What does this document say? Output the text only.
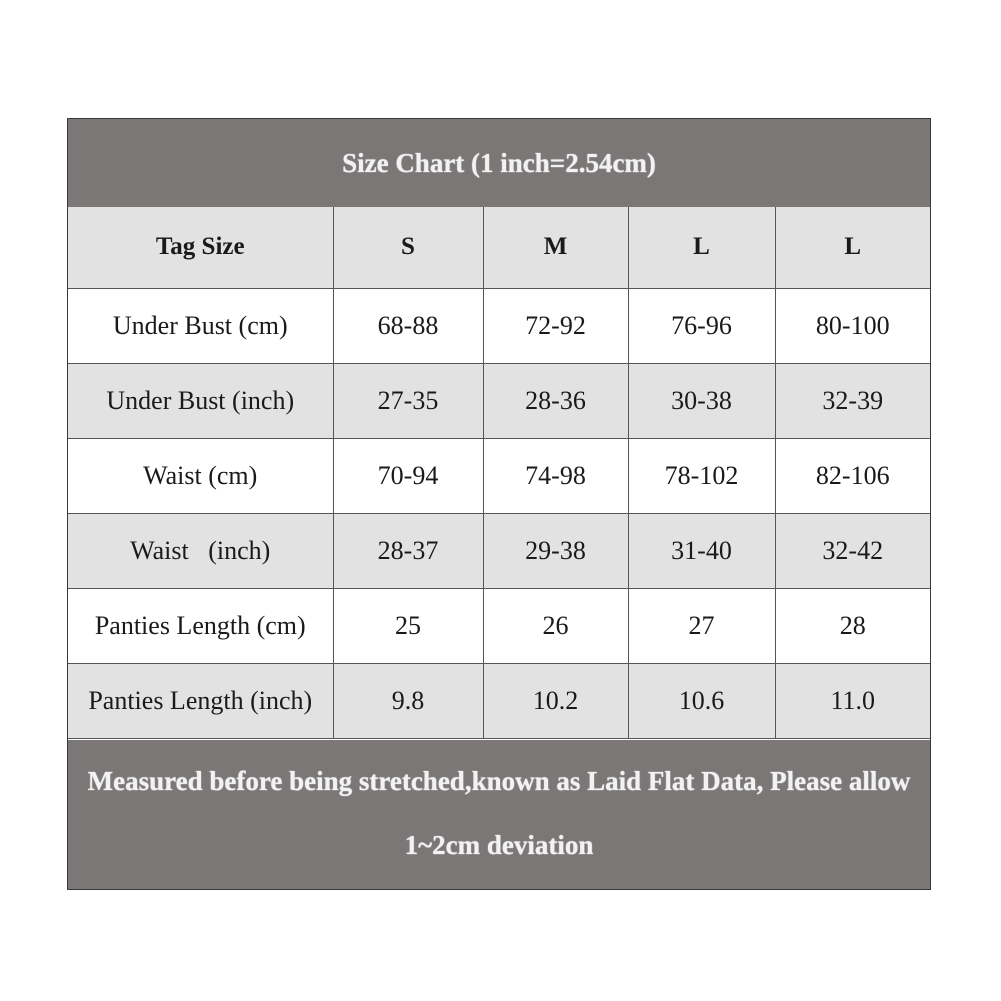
Size Chart (1 inch=2.54cm)
Tag Size	S	M	L	L
Under Bust (cm)	68-88	72-92	76-96	80-100
Under Bust (inch)	27-35	28-36	30-38	32-39
Waist (cm)	70-94	74-98	78-102	82-106
Waist   (inch)	28-37	29-38	31-40	32-42
Panties Length (cm)	25	26	27	28
Panties Length (inch)	9.8	10.2	10.6	11.0
Measured before being stretched,known as Laid Flat Data, Please allow
1~2cm deviation
